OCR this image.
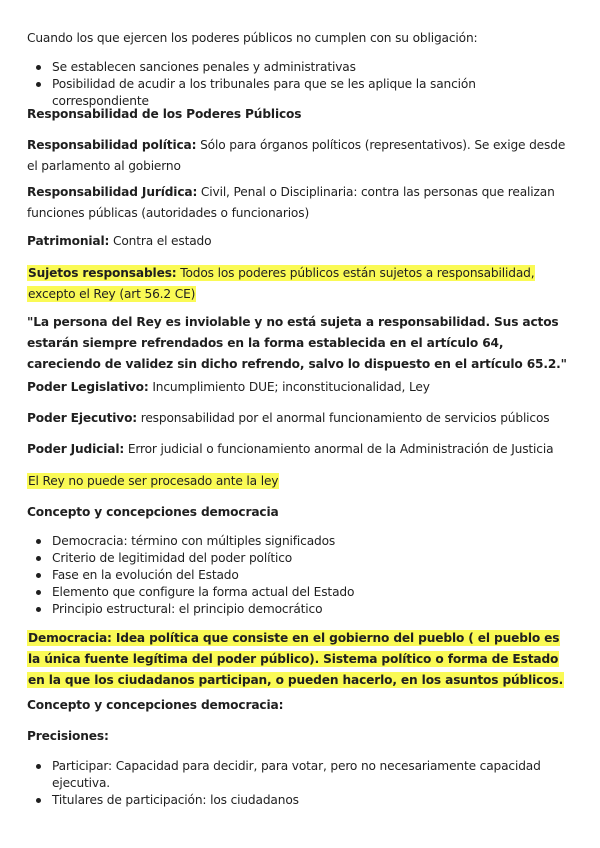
Cuando los que ejercen los poderes públicos no cumplen con su obligación:

Se establecen sanciones penales y administrativas
Posibilidad de acudir a los tribunales para que se les aplique la sanción correspondiente

Responsabilidad de los Poderes Públicos

Responsabilidad política: Sólo para órganos políticos (representativos). Se exige desde el parlamento al gobierno

Responsabilidad Jurídica: Civil, Penal o Disciplinaria: contra las personas que realizan funciones públicas (autoridades o funcionarios)

Patrimonial: Contra el estado

Sujetos responsables: Todos los poderes públicos están sujetos a responsabilidad, excepto el Rey (art 56.2 CE)

"La persona del Rey es inviolable y no está sujeta a responsabilidad. Sus actos estarán siempre refrendados en la forma establecida en el artículo 64, careciendo de validez sin dicho refrendo, salvo lo dispuesto en el artículo 65.2."

Poder Legislativo: Incumplimiento DUE; inconstitucionalidad, Ley

Poder Ejecutivo: responsabilidad por el anormal funcionamiento de servicios públicos

Poder Judicial: Error judicial o funcionamiento anormal de la Administración de Justicia

El Rey no puede ser procesado ante la ley

Concepto y concepciones democracia

Democracia: término con múltiples significados
Criterio de legitimidad del poder político
Fase en la evolución del Estado
Elemento que configure la forma actual del Estado
Principio estructural: el principio democrático

Democracia: Idea política que consiste en el gobierno del pueblo ( el pueblo es la única fuente legítima del poder público). Sistema político o forma de Estado en la que los ciudadanos participan, o pueden hacerlo, en los asuntos públicos.

Concepto y concepciones democracia:

Precisiones:

Participar: Capacidad para decidir, para votar, pero no necesariamente capacidad ejecutiva.
Titulares de participación: los ciudadanos
